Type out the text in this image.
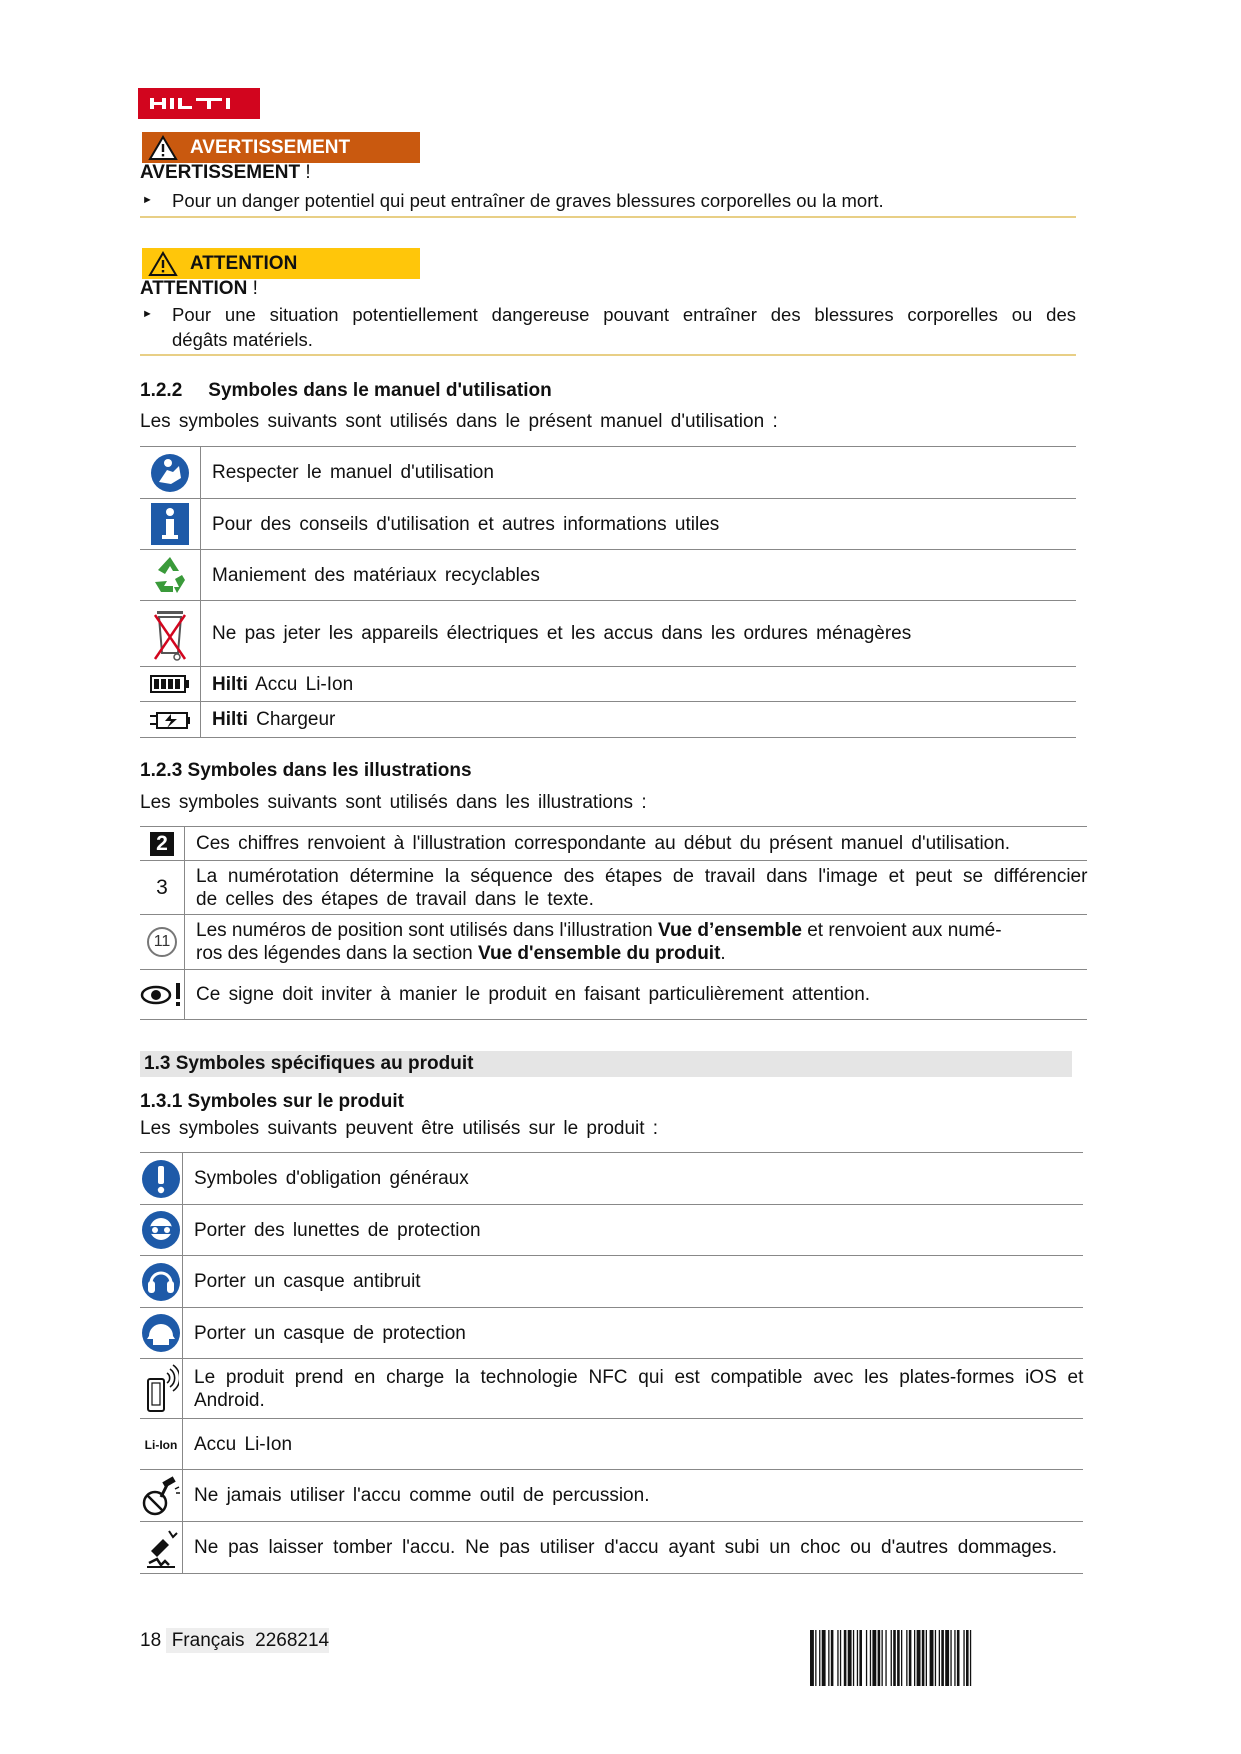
AVERTISSEMENT
AVERTISSEMENT !
► Pour un danger potentiel qui peut entraîner de graves blessures corporelles ou la mort.
ATTENTION
ATTENTION !
► Pour une situation potentiellement dangereuse pouvant entraîner des blessures corporelles ou des
dégâts matériels.
1.2.2 Symboles dans le manuel d'utilisation
Les symboles suivants sont utilisés dans le présent manuel d'utilisation :
	Respecter le manuel d'utilisation
	Pour des conseils d'utilisation et autres informations utiles
	Maniement des matériaux recyclables
	Ne pas jeter les appareils électriques et les accus dans les ordures ménagères
	Hilti Accu Li-Ion
	Hilti Chargeur
1.2.3 Symboles dans les illustrations
Les symboles suivants sont utilisés dans les illustrations :
2	Ces chiffres renvoient à l'illustration correspondante au début du présent manuel d'utilisation.
3	La numérotation détermine la séquence des étapes de travail dans l'image et peut se différencier
de celles des étapes de travail dans le texte.

11	Les numéros de position sont utilisés dans l'illustration Vue d’ensemble et renvoient aux numé-
ros des légendes dans la section Vue d'ensemble du produit.

	Ce signe doit inviter à manier le produit en faisant particulièrement attention.
1.3 Symboles spécifiques au produit
1.3.1 Symboles sur le produit
Les symboles suivants peuvent être utilisés sur le produit :
	Symboles d'obligation généraux
	Porter des lunettes de protection
	Porter un casque antibruit
	Porter un casque de protection

Le produit prend en charge la technologie NFC qui est compatible avec les plates-formes iOS et
Android.

Li-Ion	Accu Li-Ion
	Ne jamais utiliser l'accu comme outil de percussion.
	Ne pas laisser tomber l'accu. Ne pas utiliser d'accu ayant subi un choc ou d'autres dommages.
18 Français 2268214
